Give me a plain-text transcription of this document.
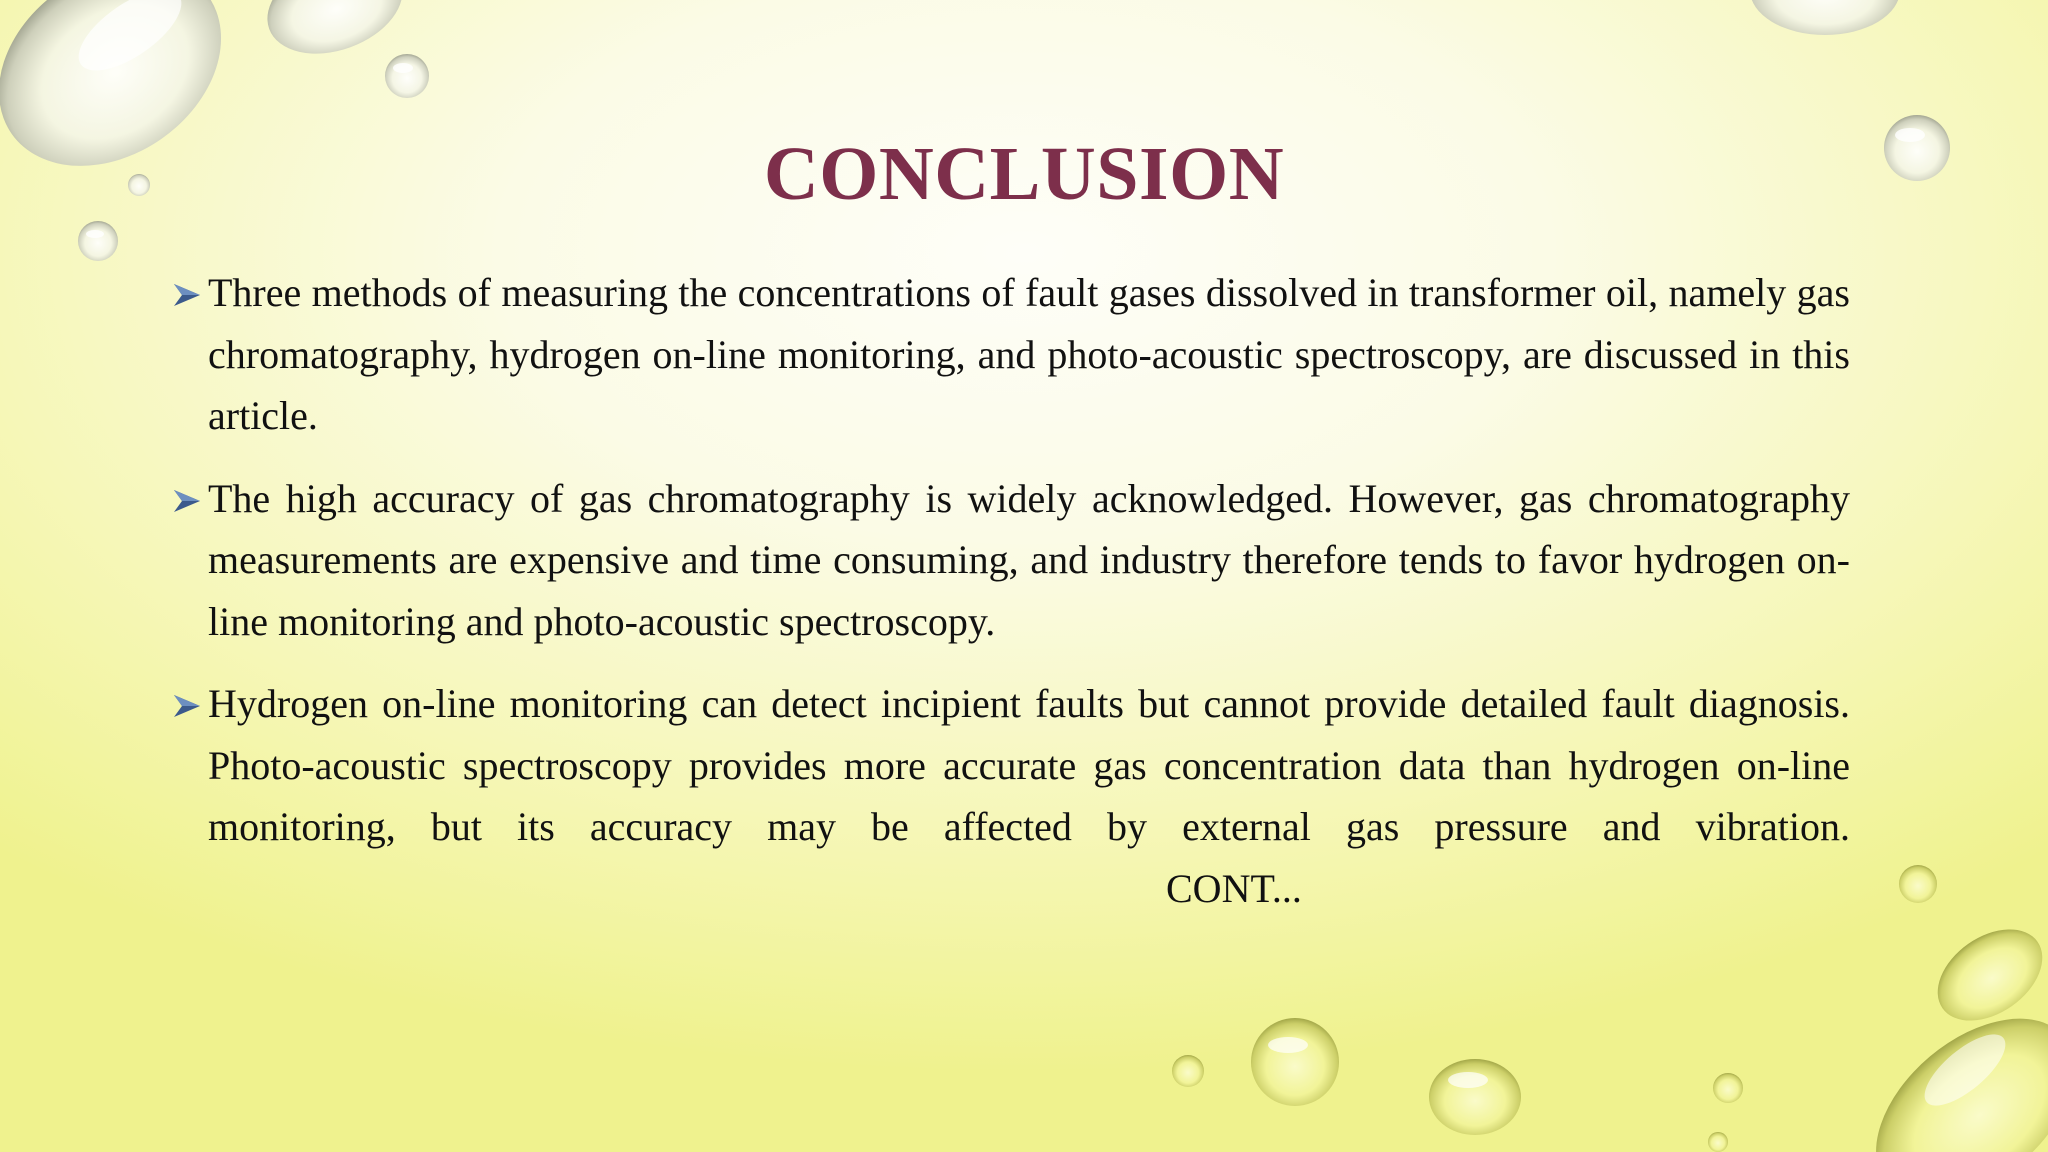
CONCLUSION
Three methods of measuring the concentrations of fault gases dissolved in transformer oil, namely gas chromatography, hydrogen on-line monitoring, and photo-acoustic spectroscopy, are discussed in this article.
The high accuracy of gas chromatography is widely acknowledged. However, gas chromatography measurements are expensive and time consuming, and industry therefore tends to favor hydrogen on-line monitoring and photo-acoustic spectroscopy.
Hydrogen on-line monitoring can detect incipient faults but cannot provide detailed fault diagnosis. Photo-acoustic spectroscopy provides more accurate gas concentration data than hydrogen on-line monitoring, but its accuracy may be affected by external gas pressure and vibration.CONT...
